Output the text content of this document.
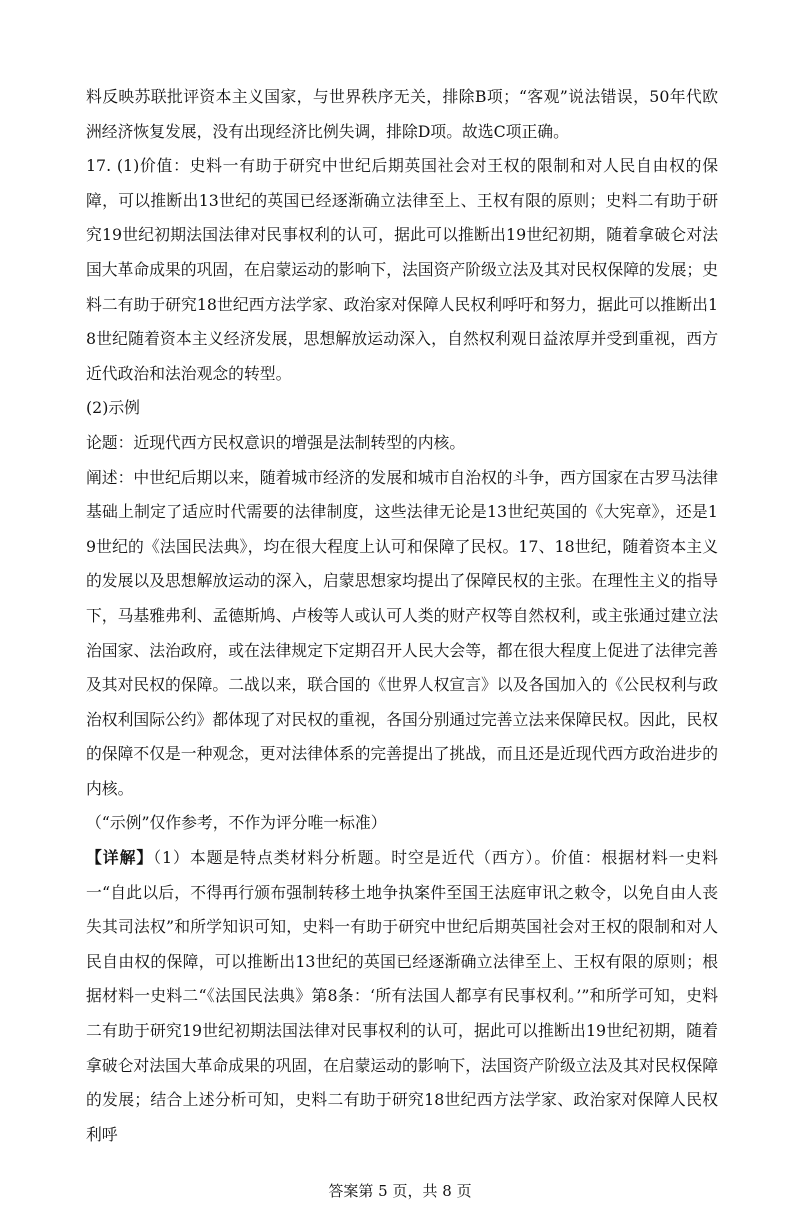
料反映苏联批评资本主义国家，与世界秩序无关，排除B项；“客观”说法错误，50年代欧洲经济恢复发展，没有出现经济比例失调，排除D项。故选C项正确。

17. (1)价值：史料一有助于研究中世纪后期英国社会对王权的限制和对人民自由权的保障，可以推断出13世纪的英国已经逐渐确立法律至上、王权有限的原则；史料二有助于研究19世纪初期法国法律对民事权利的认可，据此可以推断出19世纪初期，随着拿破仑对法国大革命成果的巩固，在启蒙运动的影响下，法国资产阶级立法及其对民权保障的发展；史料二有助于研究18世纪西方法学家、政治家对保障人民权利呼吁和努力，据此可以推断出18世纪随着资本主义经济发展，思想解放运动深入，自然权利观日益浓厚并受到重视，西方近代政治和法治观念的转型。

(2)示例

论题：近现代西方民权意识的增强是法制转型的内核。

阐述：中世纪后期以来，随着城市经济的发展和城市自治权的斗争，西方国家在古罗马法律基础上制定了适应时代需要的法律制度，这些法律无论是13世纪英国的《大宪章》，还是19世纪的《法国民法典》，均在很大程度上认可和保障了民权。17、18世纪，随着资本主义的发展以及思想解放运动的深入，启蒙思想家均提出了保障民权的主张。在理性主义的指导下，马基雅弗利、孟德斯鸠、卢梭等人或认可人类的财产权等自然权利，或主张通过建立法治国家、法治政府，或在法律规定下定期召开人民大会等，都在很大程度上促进了法律完善及其对民权的保障。二战以来，联合国的《世界人权宣言》以及各国加入的《公民权利与政治权利国际公约》都体现了对民权的重视，各国分别通过完善立法来保障民权。因此，民权的保障不仅是一种观念，更对法律体系的完善提出了挑战，而且还是近现代西方政治进步的内核。

（“示例”仅作参考，不作为评分唯一标准）

【详解】（1）本题是特点类材料分析题。时空是近代（西方）。价值：根据材料一史料一“自此以后，不得再行颁布强制转移土地争执案件至国王法庭审讯之敕令，以免自由人丧失其司法权”和所学知识可知，史料一有助于研究中世纪后期英国社会对王权的限制和对人民自由权的保障，可以推断出13世纪的英国已经逐渐确立法律至上、王权有限的原则；根据材料一史料二“《法国民法典》第8条：‘所有法国人都享有民事权利。’”和所学可知，史料二有助于研究19世纪初期法国法律对民事权利的认可，据此可以推断出19世纪初期，随着拿破仑对法国大革命成果的巩固，在启蒙运动的影响下，法国资产阶级立法及其对民权保障的发展；结合上述分析可知，史料二有助于研究18世纪西方法学家、政治家对保障人民权利呼

答案第 5 页，共 8 页
